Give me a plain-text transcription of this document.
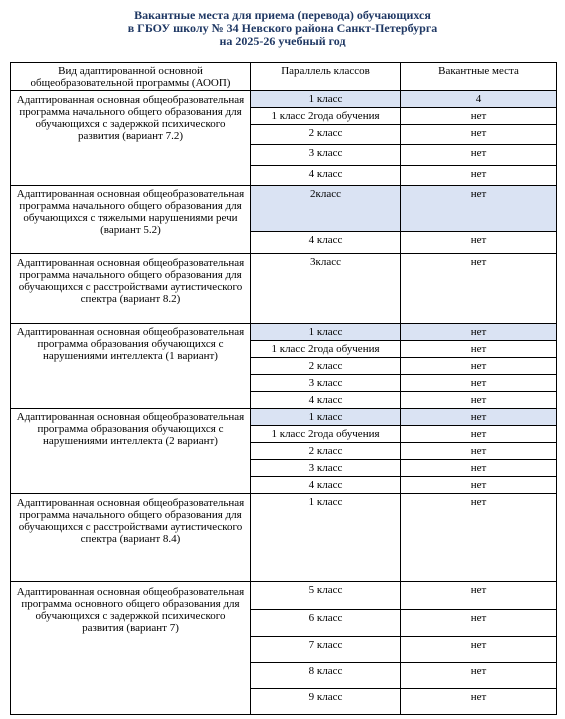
Вакантные места для приема (перевода) обучающихся
в ГБОУ школу № 34 Невского района Санкт-Петербурга
на 2025-26 учебный год
Вид адаптированной основной общеобразовательной программы (АООП)	Параллель классов	Вакантные места
Адаптированная основная общеобразовательная программа начального общего образования для обучающихся с задержкой психического развития (вариант 7.2)	1 класс	4
	1 класс 2года обучения	нет
	2 класс	нет
	3 класс	нет
	4 класс	нет
Адаптированная основная общеобразовательная программа начального общего образования для обучающихся с тяжелыми нарушениями речи (вариант 5.2)	2класс	нет
	4 класс	нет
Адаптированная основная общеобразовательная программа начального общего образования для обучающихся с расстройствами аутистического спектра (вариант 8.2)	3класс	нет
Адаптированная основная общеобразовательная программа образования обучающихся с нарушениями интеллекта (1 вариант)	1 класс	нет
	1 класс 2года обучения	нет
	2 класс	нет
	3 класс	нет
	4 класс	нет
Адаптированная основная общеобразовательная программа образования обучающихся с нарушениями интеллекта (2 вариант)	1 класс	нет
	1 класс 2года обучения	нет
	2 класс	нет
	3 класс	нет
	4 класс	нет
Адаптированная основная общеобразовательная программа начального общего образования для обучающихся с расстройствами аутистического спектра (вариант 8.4)	1 класс	нет
Адаптированная основная общеобразовательная программа основного общего образования для обучающихся с задержкой психического развития (вариант 7)	5 класс	нет
	6 класс	нет
	7 класс	нет
	8 класс	нет
	9 класс	нет
